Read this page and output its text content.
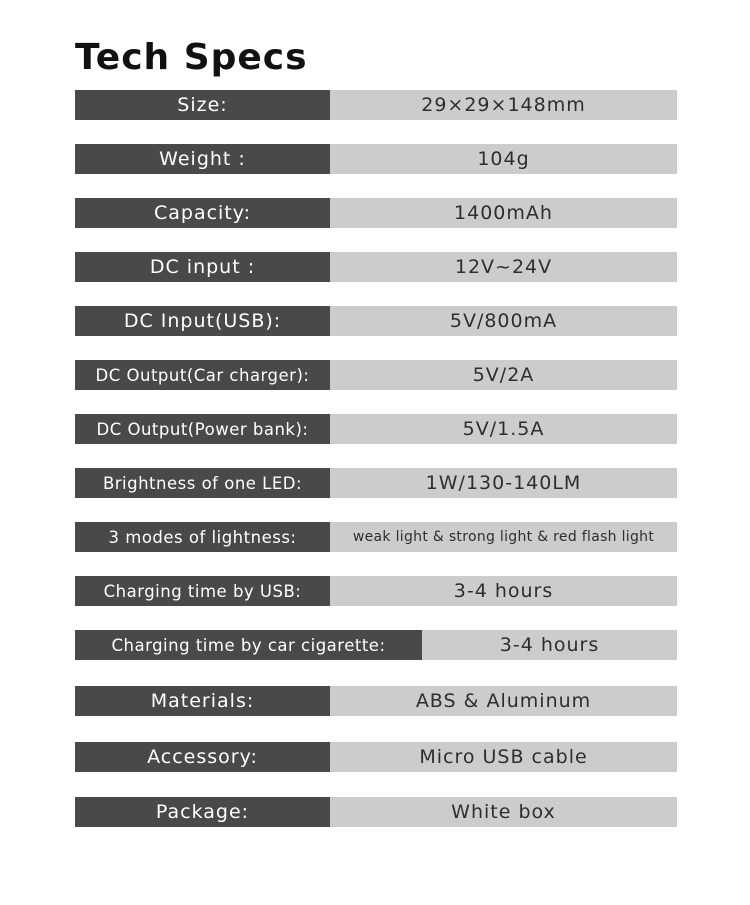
Tech Specs
Size:	29×29×148mm
Weight :	104g
Capacity:	1400mAh
DC input :	12V~24V
DC Input(USB):	5V/800mA
DC Output(Car charger):	5V/2A
DC Output(Power bank):	5V/1.5A
Brightness of one LED:	1W/130-140LM
3 modes of lightness:	weak light & strong light & red flash light
Charging time by USB:	3-4 hours
Charging time by car cigarette:	3-4 hours
Materials:	ABS & Aluminum
Accessory:	Micro USB cable
Package:	White box
